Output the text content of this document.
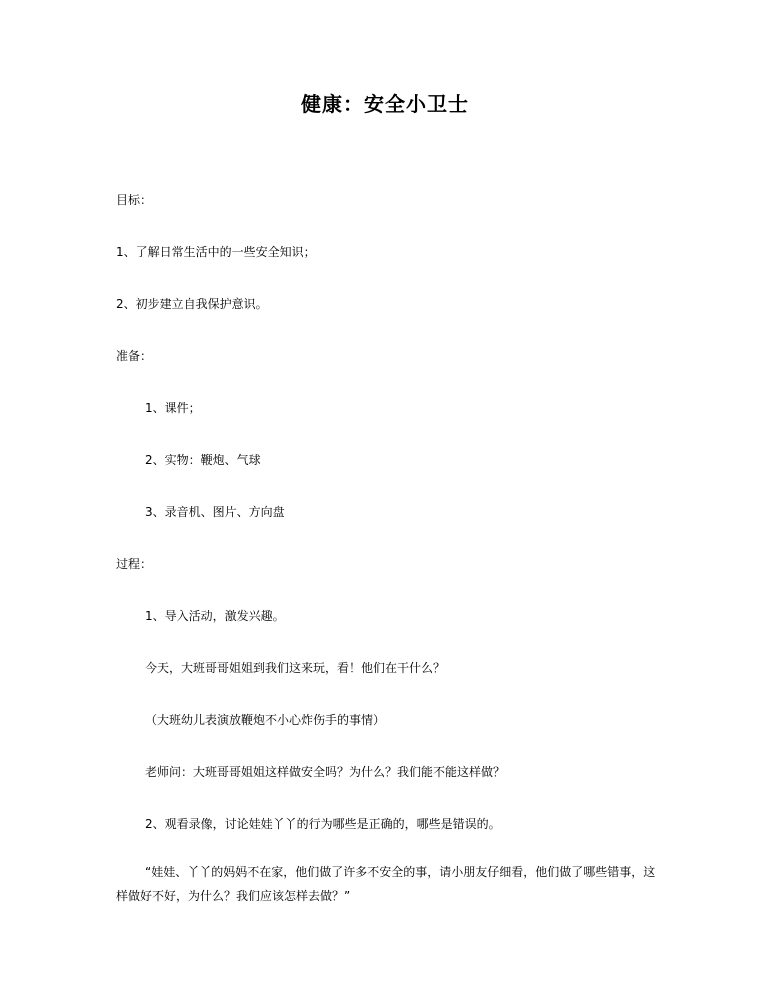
健康：安全小卫士
目标：
1、了解日常生活中的一些安全知识；
2、初步建立自我保护意识。
准备：
1、课件；
2、实物：鞭炮、气球
3、录音机、图片、方向盘
过程：
1、导入活动，激发兴趣。
今天，大班哥哥姐姐到我们这来玩，看！他们在干什么？
（大班幼儿表演放鞭炮不小心炸伤手的事情）
老师问：大班哥哥姐姐这样做安全吗？为什么？我们能不能这样做？
2、观看录像，讨论娃娃丫丫的行为哪些是正确的，哪些是错误的。
“娃娃、丫丫的妈妈不在家，他们做了许多不安全的事，请小朋友仔细看，他们做了哪些错事，这样做好不好，为什么？我们应该怎样去做？”
